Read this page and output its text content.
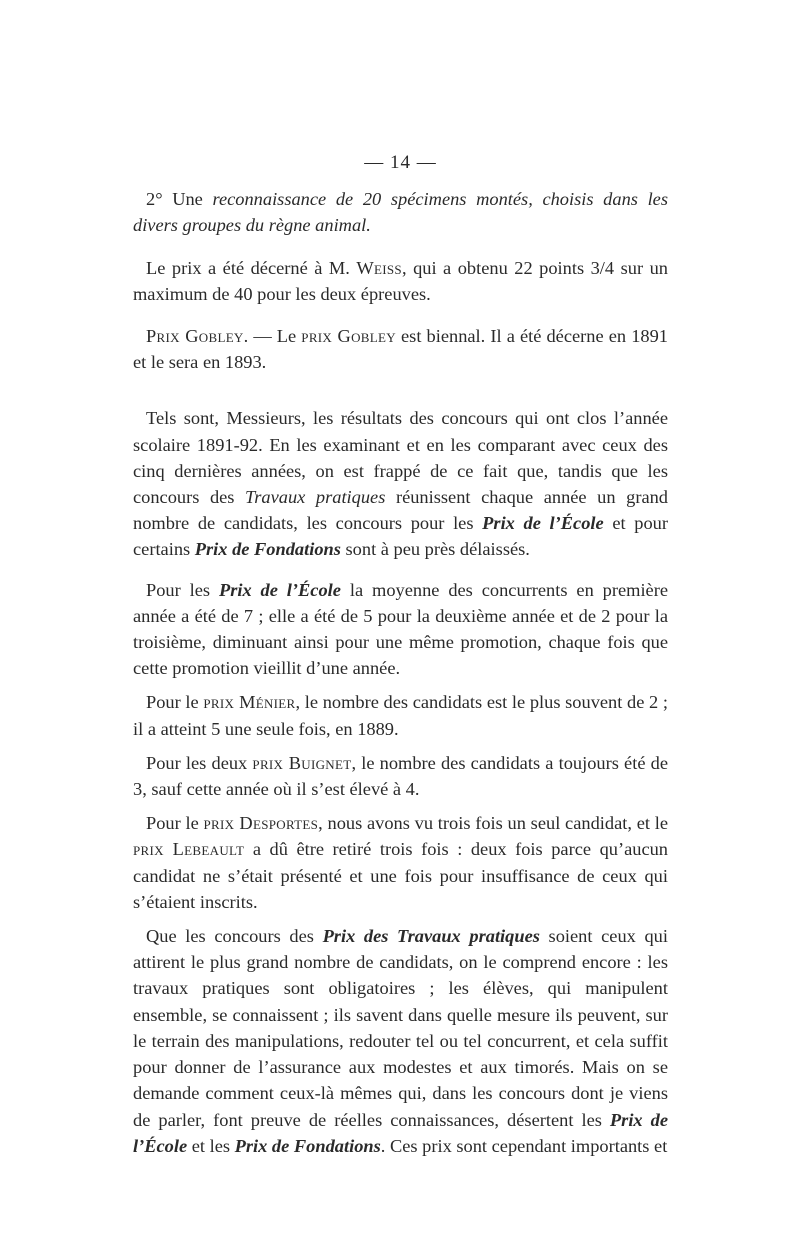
— 14 —

2° Une reconnaissance de 20 spécimens montés, choisis dans les divers groupes du règne animal.

Le prix a été décerné à M. Weiss, qui a obtenu 22 points 3/4 sur un maximum de 40 pour les deux épreuves.

Prix Gobley. — Le prix Gobley est biennal. Il a été décerne en 1891 et le sera en 1893.

Tels sont, Messieurs, les résultats des concours qui ont clos l’année scolaire 1891-92. En les examinant et en les comparant avec ceux des cinq dernières années, on est frappé de ce fait que, tandis que les concours des Travaux pratiques réunissent chaque année un grand nombre de candidats, les concours pour les Prix de l’École et pour certains Prix de Fondations sont à peu près délaissés.

Pour les Prix de l’École la moyenne des concurrents en première année a été de 7 ; elle a été de 5 pour la deuxième année et de 2 pour la troisième, diminuant ainsi pour une même promotion, chaque fois que cette promotion vieillit d’une année.

Pour le prix Ménier, le nombre des candidats est le plus souvent de 2 ; il a atteint 5 une seule fois, en 1889.

Pour les deux prix Buignet, le nombre des candidats a toujours été de 3, sauf cette année où il s’est élevé à 4.

Pour le prix Desportes, nous avons vu trois fois un seul candidat, et le prix Lebeault a dû être retiré trois fois : deux fois parce qu’aucun candidat ne s’était présenté et une fois pour insuffisance de ceux qui s’étaient inscrits.

Que les concours des Prix des Travaux pratiques soient ceux qui attirent le plus grand nombre de candidats, on le comprend encore : les travaux pratiques sont obligatoires ; les élèves, qui manipulent ensemble, se connaissent ; ils savent dans quelle mesure ils peuvent, sur le terrain des manipulations, redouter tel ou tel concurrent, et cela suffit pour donner de l’assurance aux modestes et aux timorés. Mais on se demande comment ceux-là mêmes qui, dans les concours dont je viens de parler, font preuve de réelles connaissances, désertent les Prix de l’École et les Prix de Fondations. Ces prix sont cependant importants et
